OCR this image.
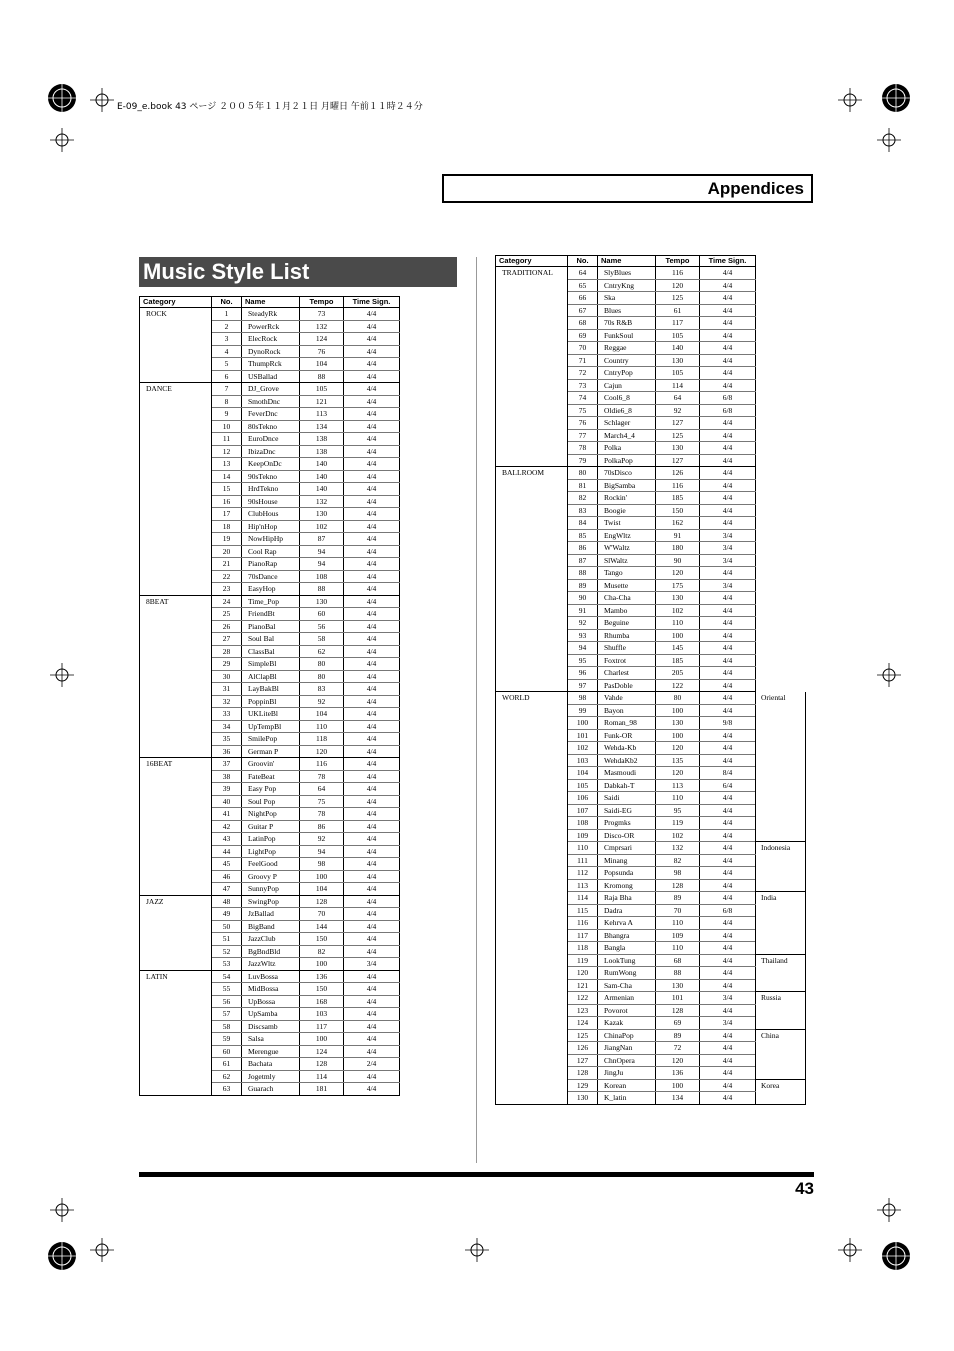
E-09_e.book 43 ページ ２００５年１１月２１日 月曜日 午前１１時２４分
Appendices
Music Style List
Category	No.	Name	Tempo	Time Sign.
ROCK	1	SteadyRk	73	4/4
	2	PowerRck	132	4/4
	3	ElecRock	124	4/4
	4	DynoRock	76	4/4
	5	ThumpRck	104	4/4
	6	USBallad	88	4/4
DANCE	7	DJ_Grove	105	4/4
	8	SmothDnc	121	4/4
	9	FeverDnc	113	4/4
	10	80sTekno	134	4/4
	11	EuroDnce	138	4/4
	12	IbizaDnc	138	4/4
	13	KeepOnDc	140	4/4
	14	90sTekno	140	4/4
	15	HrdTekno	140	4/4
	16	90sHouse	132	4/4
	17	ClubHous	130	4/4
	18	Hip'nHop	102	4/4
	19	NowHipHp	87	4/4
	20	Cool Rap	94	4/4
	21	PianoRap	94	4/4
	22	70sDance	108	4/4
	23	EasyHop	88	4/4
8BEAT	24	Time_Pop	130	4/4
	25	FriendBt	60	4/4
	26	PianoBal	56	4/4
	27	Soul Bal	58	4/4
	28	ClassBal	62	4/4
	29	SimpleBl	80	4/4
	30	AlClapBl	80	4/4
	31	LayBakBl	83	4/4
	32	PoppinBl	92	4/4
	33	UKLiteBl	104	4/4
	34	UpTempBl	110	4/4
	35	SmilePop	118	4/4
	36	German P	120	4/4
16BEAT	37	Groovin'	116	4/4
	38	FateBeat	78	4/4
	39	Easy Pop	64	4/4
	40	Soul Pop	75	4/4
	41	NightPop	78	4/4
	42	Guitar P	86	4/4
	43	LatinPop	92	4/4
	44	LightPop	94	4/4
	45	FeelGood	98	4/4
	46	Groovy P	100	4/4
	47	SunnyPop	104	4/4
JAZZ	48	SwingPop	128	4/4
	49	JzBallad	70	4/4
	50	BigBand	144	4/4
	51	JazzClub	150	4/4
	52	BgBndBld	82	4/4
	53	JazzWltz	100	3/4
LATIN	54	LuvBossa	136	4/4
	55	MidBossa	150	4/4
	56	UpBossa	168	4/4
	57	UpSamba	103	4/4
	58	Discsamb	117	4/4
	59	Salsa	100	4/4
	60	Merengue	124	4/4
	61	Bachata	128	2/4
	62	Jogetmly	114	4/4
	63	Guarach	181	4/4
Category	No.	Name	Tempo	Time Sign.	
TRADITIONAL	64	SlyBlues	116	4/4	
	65	CntryKng	120	4/4	
	66	Ska	125	4/4	
	67	Blues	61	4/4	
	68	70s R&B	117	4/4	
	69	FunkSoul	105	4/4	
	70	Reggae	140	4/4	
	71	Country	130	4/4	
	72	CntryPop	105	4/4	
	73	Cajun	114	4/4	
	74	Cool6_8	64	6/8	
	75	Oldie6_8	92	6/8	
	76	Schlager	127	4/4	
	77	March4_4	125	4/4	
	78	Polka	130	4/4	
	79	PolkaPop	127	4/4	
BALLROOM	80	70sDisco	126	4/4	
	81	BigSamba	116	4/4	
	82	Rockin'	185	4/4	
	83	Boogie	150	4/4	
	84	Twist	162	4/4	
	85	EngWltz	91	3/4	
	86	W'Waltz	180	3/4	
	87	SlWaltz	90	3/4	
	88	Tango	120	4/4	
	89	Musette	175	3/4	
	90	Cha-Cha	130	4/4	
	91	Mambo	102	4/4	
	92	Beguine	110	4/4	
	93	Rhumba	100	4/4	
	94	Shuffle	145	4/4	
	95	Foxtrot	185	4/4	
	96	Charlest	205	4/4	
	97	PasDoble	122	4/4	
WORLD	98	Vahde	80	4/4	Oriental
	99	Bayon	100	4/4	
	100	Roman_98	130	9/8	
	101	Funk-OR	100	4/4	
	102	Wehda-Kb	120	4/4	
	103	WehdaKb2	135	4/4	
	104	Masmoudi	120	8/4	
	105	Dabkah-T	113	6/4	
	106	Saidi	110	4/4	
	107	Saidi-EG	95	4/4	
	108	Progmks	119	4/4	
	109	Disco-OR	102	4/4	
	110	Cmprsari	132	4/4	Indonesia
	111	Minang	82	4/4	
	112	Popsunda	98	4/4	
	113	Kromong	128	4/4	
	114	Raja Bha	89	4/4	India
	115	Dadra	70	6/8	
	116	Kehrva A	110	4/4	
	117	Bhangra	109	4/4	
	118	Bangla	110	4/4	
	119	LookTung	68	4/4	Thailand
	120	RumWong	88	4/4	
	121	Sam-Cha	130	4/4	
	122	Armenian	101	3/4	Russia
	123	Povorot	128	4/4	
	124	Kazak	69	3/4	
	125	ChinaPop	89	4/4	China
	126	JiangNan	72	4/4	
	127	ChnOpera	120	4/4	
	128	JingJu	136	4/4	
	129	Korean	100	4/4	Korea
	130	K_latin	134	4/4	
43
